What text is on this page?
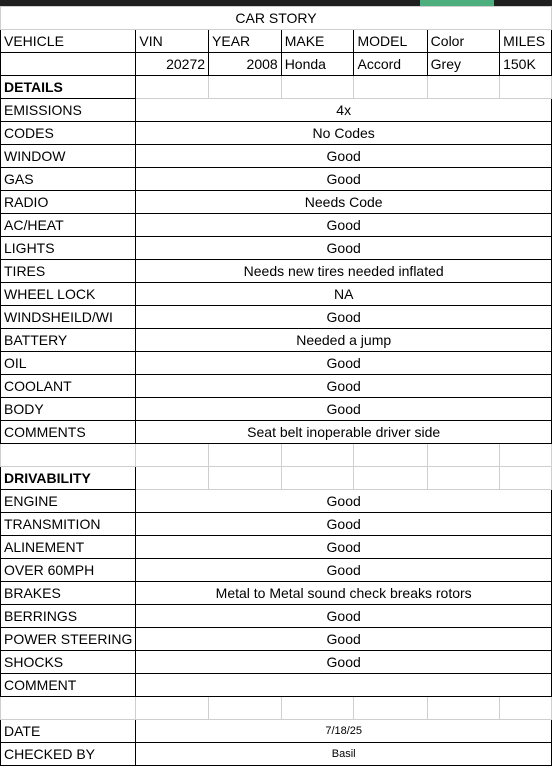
CAR STORY						
VEHICLE	VIN	YEAR	MAKE	MODEL	Color	MILES
	20272	2008	Honda	Accord	Grey	150K
DETAILS						
EMISSIONS	4x					
CODES	No Codes					
WINDOW	Good					
GAS	Good					
RADIO	Needs Code					
AC/HEAT	Good					
LIGHTS	Good					
TIRES	Needs new tires needed inflated					
WHEEL LOCK	NA					
WINDSHEILD/WI	Good					
BATTERY	Needed a jump					
OIL	Good					
COOLANT	Good					
BODY	Good					
COMMENTS	Seat belt inoperable driver side					

DRIVABILITY						
ENGINE	Good					
TRANSMITION	Good					
ALINEMENT	Good					
OVER 60MPH	Good					
BRAKES	Metal to Metal sound check breaks rotors					
BERRINGS	Good					
POWER STEERING	Good					
SHOCKS	Good					
COMMENT						

DATE	7/18/25					
CHECKED BY	Basil					
